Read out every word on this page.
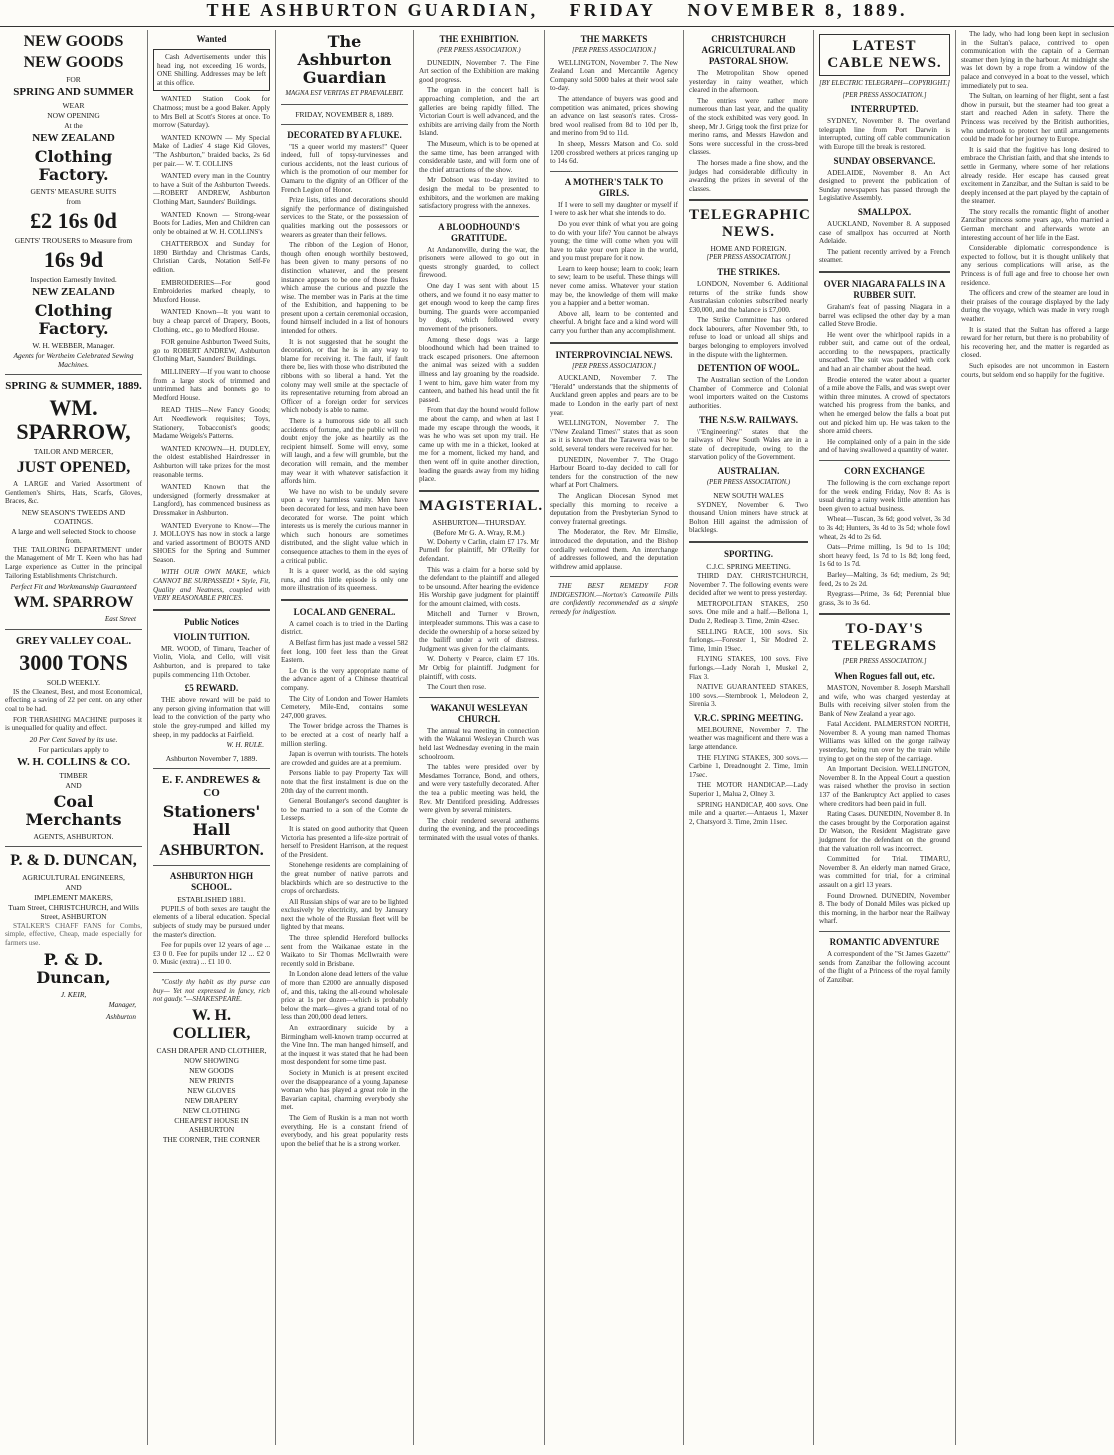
THE ASHBURTON GUARDIAN, FRIDAY NOVEMBER 8, 1889.
NEW GOODS
NEW GOODS
FOR
SPRING AND SUMMER
WEAR
NOW OPENING
At the
NEW ZEALAND
Clothing Factory.
GENTS' MEASURE SUITS
from
£2 16s 0d
GENTS' TROUSERS to Measure from
16s 9d
Inspection Earnestly Invited.
NEW ZEALAND
Clothing Factory.
W. H. WEBBER, Manager.
Agents for Wertheim Celebrated Sewing Machines.
SPRING & SUMMER, 1889.
WM. SPARROW,
TAILOR AND MERCER,
JUST OPENED,
A LARGE and Varied Assortment of Gentlemen's Shirts, Hats, Scarfs, Gloves, Braces, &c.
NEW SEASON'S TWEEDS AND COATINGS.
A large and well selected Stock to choose from.
THE TAILORING DEPARTMENT under the Management of Mr T. Keen who has had Large experience as Cutter in the principal Tailoring Establishments Christchurch.
Perfect Fit and Workmanship Guaranteed
WM. SPARROW
East Street
GREY VALLEY COAL.
3000 TONS
SOLD WEEKLY.
IS the Cleanest, Best, and most Economical, effecting a saving of 22 per cent. on any other coal to be had.
FOR THRASHING MACHINE purposes it is unequalled for quality and effect.
20 Per Cent Saved by its use.
For particulars apply to
W. H. COLLINS & CO.
TIMBER
AND
Coal Merchants
AGENTS, ASHBURTON.
P. & D. DUNCAN,
AGRICULTURAL ENGINEERS,
AND
IMPLEMENT MAKERS,
Tuam Street, CHRISTCHURCH, and Wills Street, ASHBURTON
STALKER'S CHAFF FANS for Combs, simple, effective, Cheap, made especially for farmers use.
P. & D. Duncan,
J. KEIR,
Manager,
Ashburton
Wanted
Cash Advertisements under this head ing, not exceeding 16 words, ONE Shilling. Addresses may be left at this office.
WANTED Station Cook for Chatmoss; must be a good Baker. Apply to Mrs Bell at Scott's Stores at once. To morrow (Saturday).
WANTED KNOWN — My Special Make of Ladies' 4 stage Kid Gloves, "The Ashburton," braided backs, 2s 6d per pair.— W. T. COLLINS
WANTED every man in the Country to have a Suit of the Ashburton Tweeds.—ROBERT ANDREW, Ashburton Clothing Mart, Saunders' Buildings.
WANTED Known — Strong-wear Boots for Ladies, Men and Children can only be obtained at W. H. COLLINS's
CHATTERBOX and Sunday for 1890 Birthday and Christmas Cards, Christian Cards, Notation Self-Fe edition.
EMBROIDERIES—For good Embroideries marked cheaply, to Muxford House.
WANTED Known—It you want to buy a cheap parcel of Drapery, Boots, Clothing, etc., go to Medford House.
FOR genuine Ashburton Tweed Suits, go to ROBERT ANDREW, Ashburton Clothing Mart, Saunders' Buildings.
MILLINERY—If you want to choose from a large stock of trimmed and untrimmed hats and bonnets go to Medford House.
READ THIS—New Fancy Goods; Art Needlework requisites; Toys, Stationery, Tobacconist's goods; Madame Weigels's Patterns.
WANTED KNOWN—H. DUDLEY, the oldest established Hairdresser in Ashburton will take prizes for the most reasonable terms.
WANTED Known that the undersigned (formerly dressmaker at Langford), has commenced business as Dressmaker in Ashburton.
WANTED Everyone to Know—The J. MOLLOYS has now in stock a large and varied assortment of BOOTS AND SHOES for the Spring and Summer Season.
WITH OUR OWN MAKE, which CANNOT BE SURPASSED! • Style, Fit, Quality and Neatness, coupled with VERY REASONABLE PRICES.
Public Notices
VIOLIN TUITION.
MR. WOOD, of Timaru, Teacher of Violin, Viola, and Cello, will visit Ashburton, and is prepared to take pupils commencing 11th October.
£5 REWARD.
THE above reward will be paid to any person giving information that will lead to the conviction of the party who stole the grey-rumped and killed my sheep, in my paddocks at Fairfield.
W. H. RULE.
Ashburton November 7, 1889.
E. F. ANDREWES & CO
Stationers' Hall
ASHBURTON.
ASHBURTON HIGH SCHOOL.
ESTABLISHED 1881.
PUPILS of both sexes are taught the elements of a liberal education. Special subjects of study may be pursued under the master's direction.
Fee for pupils over 12 years of age ... £3 0 0. Fee for pupils under 12 ... £2 0 0. Music (extra) ... £1 10 0.
"Costly thy habit as thy purse can buy— Yet not expressed in fancy, rich not gaudy."—SHAKESPEARE.
W. H. COLLIER,
CASH DRAPER AND CLOTHIER,
NOW SHOWING
NEW GOODS
NEW PRINTS
NEW GLOVES
NEW DRAPERY
NEW CLOTHING
CHEAPEST HOUSE IN ASHBURTON
THE CORNER, THE CORNER
The Ashburton Guardian
MAGNA EST VERITAS ET PRAEVALEBIT.
FRIDAY, NOVEMBER 8, 1889.
DECORATED BY A FLUKE.
"IS a queer world my masters!" Queer indeed, full of topsy-turvinesses and curious accidents, not the least curious of which is the promotion of our member for Oamaru to the dignity of an Officer of the French Legion of Honor.
Prize lists, titles and decorations should signify the performance of distinguished services to the State, or the possession of qualities marking out the possessors or wearers as greater than their fellows.
The ribbon of the Legion of Honor, though often enough worthily bestowed, has been given to many persons of no distinction whatever, and the present instance appears to be one of those flukes which amuse the curious and puzzle the wise. The member was in Paris at the time of the Exhibition, and happening to be present upon a certain ceremonial occasion, found himself included in a list of honours intended for others.
It is not suggested that he sought the decoration, or that he is in any way to blame for receiving it. The fault, if fault there be, lies with those who distributed the ribbons with so liberal a hand. Yet the colony may well smile at the spectacle of its representative returning from abroad an Officer of a foreign order for services which nobody is able to name.
There is a humorous side to all such accidents of fortune, and the public will no doubt enjoy the joke as heartily as the recipient himself. Some will envy, some will laugh, and a few will grumble, but the decoration will remain, and the member may wear it with whatever satisfaction it affords him.
We have no wish to be unduly severe upon a very harmless vanity. Men have been decorated for less, and men have been decorated for worse. The point which interests us is merely the curious manner in which such honours are sometimes distributed, and the slight value which in consequence attaches to them in the eyes of a critical public.
It is a queer world, as the old saying runs, and this little episode is only one more illustration of its queerness.
LOCAL AND GENERAL.
A camel coach is to tried in the Darling district.
A Belfast firm has just made a vessel 582 feet long, 100 feet less than the Great Eastern.
Le On is the very appropriate name of the advance agent of a Chinese theatrical company.
The City of London and Tower Hamlets Cemetery, Mile-End, contains some 247,000 graves.
The Tower bridge across the Thames is to be erected at a cost of nearly half a million sterling.
Japan is overrun with tourists. The hotels are crowded and guides are at a premium.
Persons liable to pay Property Tax will note that the first instalment is due on the 20th day of the current month.
General Boulanger's second daughter is to be married to a son of the Comte de Lesseps.
It is stated on good authority that Queen Victoria has presented a life-size portrait of herself to President Harrison, at the request of the President.
Stonehenge residents are complaining of the great number of native parrots and blackbirds which are so destructive to the crops of orchardists.
All Russian ships of war are to be lighted exclusively by electricity, and by January next the whole of the Russian fleet will be lighted by that means.
The three splendid Hereford bullocks sent from the Waikanae estate in the Waikato to Sir Thomas McIlwraith were recently sold in Brisbane.
In London alone dead letters of the value of more than £2000 are annually disposed of, and this, taking the all-round wholesale price at 1s per dozen—which is probably below the mark—gives a grand total of no less than 200,000 dead letters.
An extraordinary suicide by a Birmingham well-known tramp occurred at the Vine Inn. The man hanged himself, and at the inquest it was stated that he had been most despondent for some time past.
Society in Munich is at present excited over the disappearance of a young Japanese woman who has played a great role in the Bavarian capital, charming everybody she met.
The Gem of Ruskin is a man not worth everything. He is a constant friend of everybody, and his great popularity rests upon the belief that he is a strong worker.
THE EXHIBITION.
(PER PRESS ASSOCIATION.)
DUNEDIN, November 7. The Fine Art section of the Exhibition are making good progress.
The organ in the concert hall is approaching completion, and the art galleries are being rapidly filled. The Victorian Court is well advanced, and the exhibits are arriving daily from the North Island.
The Museum, which is to be opened at the same time, has been arranged with considerable taste, and will form one of the chief attractions of the show.
Mr Dobson was to-day invited to design the medal to be presented to exhibitors, and the workmen are making satisfactory progress with the annexes.
A BLOODHOUND'S GRATITUDE.
At Andanonville, during the war, the prisoners were allowed to go out in quests strongly guarded, to collect firewood.
One day I was sent with about 15 others, and we found it no easy matter to get enough wood to keep the camp fires burning. The guards were accompanied by dogs, which followed every movement of the prisoners.
Among these dogs was a large bloodhound which had been trained to track escaped prisoners. One afternoon the animal was seized with a sudden illness and lay groaning by the roadside. I went to him, gave him water from my canteen, and bathed his head until the fit passed.
From that day the hound would follow me about the camp, and when at last I made my escape through the woods, it was he who was set upon my trail. He came up with me in a thicket, looked at me for a moment, licked my hand, and then went off in quite another direction, leading the guards away from my hiding place.
MAGISTERIAL.
ASHBURTON—THURSDAY.
(Before Mr G. A. Wray, R.M.)
W. Doherty v Carlin, claim £7 17s. Mr Purnell for plaintiff, Mr O'Reilly for defendant.
This was a claim for a horse sold by the defendant to the plaintiff and alleged to be unsound. After hearing the evidence His Worship gave judgment for plaintiff for the amount claimed, with costs.
Mitchell and Turner v Brown, interpleader summons. This was a case to decide the ownership of a horse seized by the bailiff under a writ of distress. Judgment was given for the claimants.
W. Doherty v Pearce, claim £7 10s. Mr Orbig for plaintiff. Judgment for plaintiff, with costs.
The Court then rose.
WAKANUI WESLEYAN CHURCH.
The annual tea meeting in connection with the Wakanui Wesleyan Church was held last Wednesday evening in the main schoolroom.
The tables were presided over by Mesdames Torrance, Bond, and others, and were very tastefully decorated. After the tea a public meeting was held, the Rev. Mr Dentiford presiding. Addresses were given by several ministers.
The choir rendered several anthems during the evening, and the proceedings terminated with the usual votes of thanks.
THE MARKETS
[PER PRESS ASSOCIATION.]
WELLINGTON, November 7. The New Zealand Loan and Mercantile Agency Company sold 5000 bales at their wool sale to-day.
The attendance of buyers was good and competition was animated, prices showing an advance on last season's rates. Cross-bred wool realised from 8d to 10d per lb, and merino from 9d to 11d.
In sheep, Messrs Matson and Co. sold 1200 crossbred wethers at prices ranging up to 14s 6d.
A MOTHER'S TALK TO GIRLS.
If I were to sell my daughter or myself if I were to ask her what she intends to do.
Do you ever think of what you are going to do with your life? You cannot be always young; the time will come when you will have to take your own place in the world, and you must prepare for it now.
Learn to keep house; learn to cook; learn to sew; learn to be useful. These things will never come amiss. Whatever your station may be, the knowledge of them will make you a happier and a better woman.
Above all, learn to be contented and cheerful. A bright face and a kind word will carry you further than any accomplishment.
INTERPROVINCIAL NEWS.
[PER PRESS ASSOCIATION.]
AUCKLAND, November 7. The "Herald" understands that the shipments of Auckland green apples and pears are to be made to London in the early part of next year.
WELLINGTON, November 7. The \"New Zealand Times\" states that as soon as it is known that the Tarawera was to be sold, several tenders were received for her.
DUNEDIN, November 7. The Otago Harbour Board to-day decided to call for tenders for the construction of the new wharf at Port Chalmers.
The Anglican Diocesan Synod met specially this morning to receive a deputation from the Presbyterian Synod to convey fraternal greetings.
The Moderator, the Rev. Mr Elmslie, introduced the deputation, and the Bishop cordially welcomed them. An interchange of addresses followed, and the deputation withdrew amid applause.
THE BEST REMEDY FOR INDIGESTION.—Norton's Camomile Pills are confidently recommended as a simple remedy for indigestion.
CHRISTCHURCH AGRICULTURAL AND PASTORAL SHOW.
The Metropolitan Show opened yesterday in rainy weather, which cleared in the afternoon.
The entries were rather more numerous than last year, and the quality of the stock exhibited was very good. In sheep, Mr J. Grigg took the first prize for merino rams, and Messrs Hawdon and Sons were successful in the cross-bred classes.
The horses made a fine show, and the judges had considerable difficulty in awarding the prizes in several of the classes.
TELEGRAPHIC NEWS.
HOME AND FOREIGN.
[PER PRESS ASSOCIATION.]
THE STRIKES.
LONDON, November 6. Additional returns of the strike funds show Australasian colonies subscribed nearly £30,000, and the balance is £7,000.
The Strike Committee has ordered dock labourers, after November 9th, to refuse to load or unload all ships and barges belonging to employers involved in the dispute with the lightermen.
DETENTION OF WOOL.
The Australian section of the London Chamber of Commerce and Colonial wool importers waited on the Customs authorities.
THE N.S.W. RAILWAYS.
\"Engineering\" states that the railways of New South Wales are in a state of decrepitude, owing to the starvation policy of the Government.
AUSTRALIAN.
(PER PRESS ASSOCIATION.)
NEW SOUTH WALES
SYDNEY, November 6. Two thousand Union miners have struck at Bolton Hill against the admission of blacklegs.
SPORTING.
C.J.C. SPRING MEETING.
THIRD DAY. CHRISTCHURCH, November 7. The following events were decided after we went to press yesterday.
METROPOLITAN STAKES, 250 sovs. One mile and a half.—Bellona 1, Dudu 2, Redleap 3. Time, 2min 42sec.
SELLING RACE, 100 sovs. Six furlongs.—Forester 1, Sir Modred 2. Time, 1min 19sec.
FLYING STAKES, 100 sovs. Five furlongs.—Lady Norah 1, Muskel 2, Flax 3.
NATIVE GUARANTEED STAKES, 100 sovs.—Sternbrook 1, Melodeon 2, Sirenia 3.
V.R.C. SPRING MEETING.
MELBOURNE, November 7. The weather was magnificent and there was a large attendance.
THE FLYING STAKES, 300 sovs.—Carbine 1, Dreadnought 2. Time, 1min 17sec.
THE MOTOR HANDICAP.—Lady Superior 1, Malua 2, Olney 3.
SPRING HANDICAP, 400 sovs. One mile and a quarter.—Antaeus 1, Maxer 2, Chatsyord 3. Time, 2min 11sec.
LATEST CABLE NEWS.
[BY ELECTRIC TELEGRAPH—COPYRIGHT.]
[PER PRESS ASSOCIATION.]
INTERRUPTED.
SYDNEY, November 8. The overland telegraph line from Port Darwin is interrupted, cutting off cable communication with Europe till the break is restored.
SUNDAY OBSERVANCE.
ADELAIDE, November 8. An Act designed to prevent the publication of Sunday newspapers has passed through the Legislative Assembly.
SMALLPOX.
AUCKLAND, November 8. A supposed case of smallpox has occurred at North Adelaide.
The patient recently arrived by a French steamer.
OVER NIAGARA FALLS IN A RUBBER SUIT.
Graham's feat of passing Niagara in a barrel was eclipsed the other day by a man called Steve Brodie.
He went over the whirlpool rapids in a rubber suit, and came out of the ordeal, according to the newspapers, practically unscathed. The suit was padded with cork and had an air chamber about the head.
Brodie entered the water about a quarter of a mile above the Falls, and was swept over within three minutes. A crowd of spectators watched his progress from the banks, and when he emerged below the falls a boat put out and picked him up. He was taken to the shore amid cheers.
He complained only of a pain in the side and of having swallowed a quantity of water.
CORN EXCHANGE
The following is the corn exchange report for the week ending Friday, Nov 8: As is usual during a rainy week little attention has been given to actual business.
Wheat—Tuscan, 3s 6d; good velvet, 3s 3d to 3s 4d; Hunters, 3s 4d to 3s 5d; whole fowl wheat, 2s 4d to 2s 6d.
Oats—Prime milling, 1s 9d to 1s 10d; short heavy feed, 1s 7d to 1s 8d; long feed, 1s 6d to 1s 7d.
Barley—Malting, 3s 6d; medium, 2s 9d; feed, 2s to 2s 2d.
Ryegrass—Prime, 3s 6d; Perennial blue grass, 3s to 3s 6d.
TO-DAY'S TELEGRAMS
[PER PRESS ASSOCIATION.]
When Rogues fall out, etc.
MASTON, November 8. Joseph Marshall and wife, who was charged yesterday at Bulls with receiving silver stolen from the Bank of New Zealand a year ago.
Fatal Accident. PALMERSTON NORTH, November 8. A young man named Thomas Williams was killed on the gorge railway yesterday, being run over by the train while trying to get on the step of the carriage.
An Important Decision. WELLINGTON, November 8. In the Appeal Court a question was raised whether the proviso in section 137 of the Bankruptcy Act applied to cases where creditors had been paid in full.
Rating Cases. DUNEDIN, November 8. In the cases brought by the Corporation against Dr Watson, the Resident Magistrate gave judgment for the defendant on the ground that the valuation roll was incorrect.
Committed for Trial. TIMARU, November 8. An elderly man named Grace, was committed for trial, for a criminal assault on a girl 13 years.
Found Drowned. DUNEDIN, November 8. The body of Donald Miles was picked up this morning, in the harbor near the Railway wharf.
ROMANTIC ADVENTURE
A correspondent of the "St James Gazette" sends from Zanzibar the following account of the flight of a Princess of the royal family of Zanzibar.
The lady, who had long been kept in seclusion in the Sultan's palace, contrived to open communication with the captain of a German steamer then lying in the harbour. At midnight she was let down by a rope from a window of the palace and conveyed in a boat to the vessel, which immediately put to sea.
The Sultan, on learning of her flight, sent a fast dhow in pursuit, but the steamer had too great a start and reached Aden in safety. There the Princess was received by the British authorities, who undertook to protect her until arrangements could be made for her journey to Europe.
It is said that the fugitive has long desired to embrace the Christian faith, and that she intends to settle in Germany, where some of her relations already reside. Her escape has caused great excitement in Zanzibar, and the Sultan is said to be deeply incensed at the part played by the captain of the steamer.
The story recalls the romantic flight of another Zanzibar princess some years ago, who married a German merchant and afterwards wrote an interesting account of her life in the East.
Considerable diplomatic correspondence is expected to follow, but it is thought unlikely that any serious complications will arise, as the Princess is of full age and free to choose her own residence.
The officers and crew of the steamer are loud in their praises of the courage displayed by the lady during the voyage, which was made in very rough weather.
It is stated that the Sultan has offered a large reward for her return, but there is no probability of his recovering her, and the matter is regarded as closed.
Such episodes are not uncommon in Eastern courts, but seldom end so happily for the fugitive.
